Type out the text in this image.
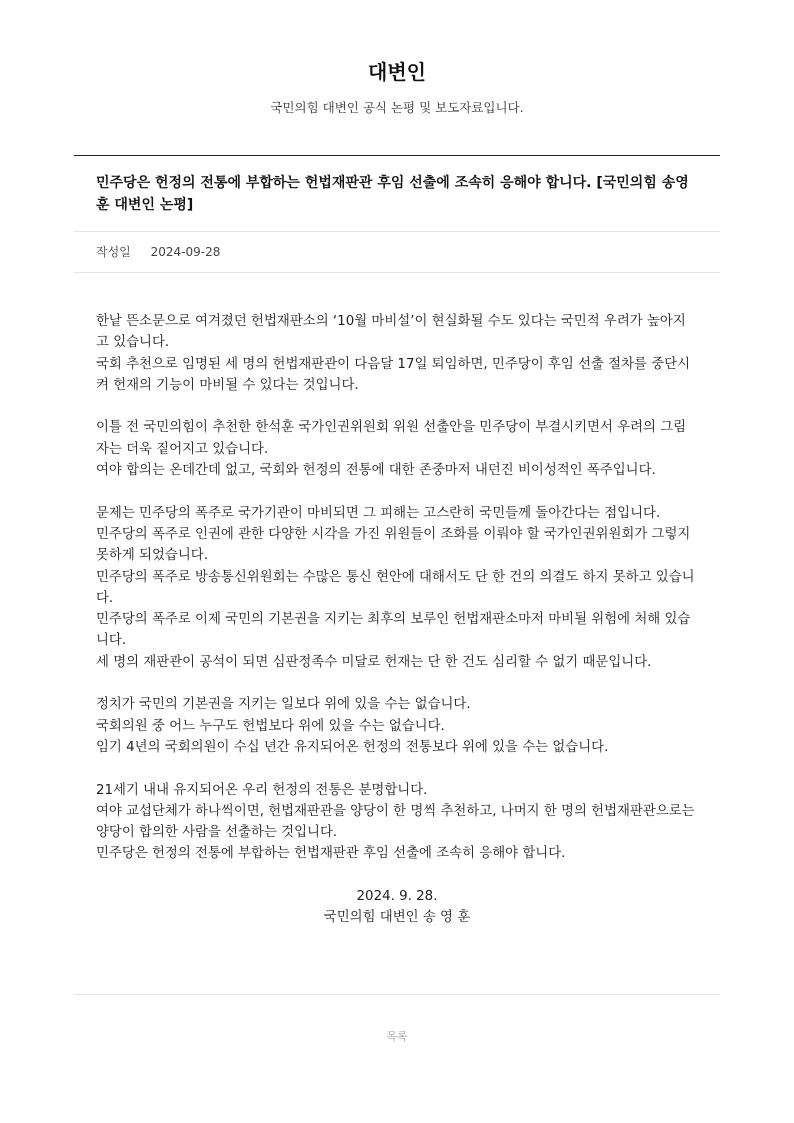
대변인
국민의힘 대변인 공식 논평 및 보도자료입니다.
민주당은 헌정의 전통에 부합하는 헌법재판관 후임 선출에 조속히 응해야 합니다. [국민의힘 송영훈 대변인 논평]
작성일 2024-09-28

한낱 뜬소문으로 여겨졌던 헌법재판소의 ‘10월 마비설’이 현실화될 수도 있다는 국민적 우려가 높아지고 있습니다.
국회 추천으로 임명된 세 명의 헌법재판관이 다음달 17일 퇴임하면, 민주당이 후임 선출 절차를 중단시켜 헌재의 기능이 마비될 수 있다는 것입니다.

이틀 전 국민의힘이 추천한 한석훈 국가인권위원회 위원 선출안을 민주당이 부결시키면서 우려의 그림자는 더욱 짙어지고 있습니다.
여야 합의는 온데간데 없고, 국회와 헌정의 전통에 대한 존중마저 내던진 비이성적인 폭주입니다.

문제는 민주당의 폭주로 국가기관이 마비되면 그 피해는 고스란히 국민들께 돌아간다는 점입니다.
민주당의 폭주로 인권에 관한 다양한 시각을 가진 위원들이 조화를 이뤄야 할 국가인권위원회가 그렇지 못하게 되었습니다.
민주당의 폭주로 방송통신위원회는 수많은 통신 현안에 대해서도 단 한 건의 의결도 하지 못하고 있습니다.
민주당의 폭주로 이제 국민의 기본권을 지키는 최후의 보루인 헌법재판소마저 마비될 위험에 처해 있습니다.
세 명의 재판관이 공석이 되면 심판정족수 미달로 헌재는 단 한 건도 심리할 수 없기 때문입니다.

정치가 국민의 기본권을 지키는 일보다 위에 있을 수는 없습니다.
국회의원 중 어느 누구도 헌법보다 위에 있을 수는 없습니다.
임기 4년의 국회의원이 수십 년간 유지되어온 헌정의 전통보다 위에 있을 수는 없습니다.

21세기 내내 유지되어온 우리 헌정의 전통은 분명합니다.
여야 교섭단체가 하나씩이면, 헌법재판관을 양당이 한 명씩 추천하고, 나머지 한 명의 헌법재판관으로는 양당이 합의한 사람을 선출하는 것입니다.
민주당은 헌정의 전통에 부합하는 헌법재판관 후임 선출에 조속히 응해야 합니다.

2024. 9. 28.
국민의힘 대변인 송 영 훈
목록
